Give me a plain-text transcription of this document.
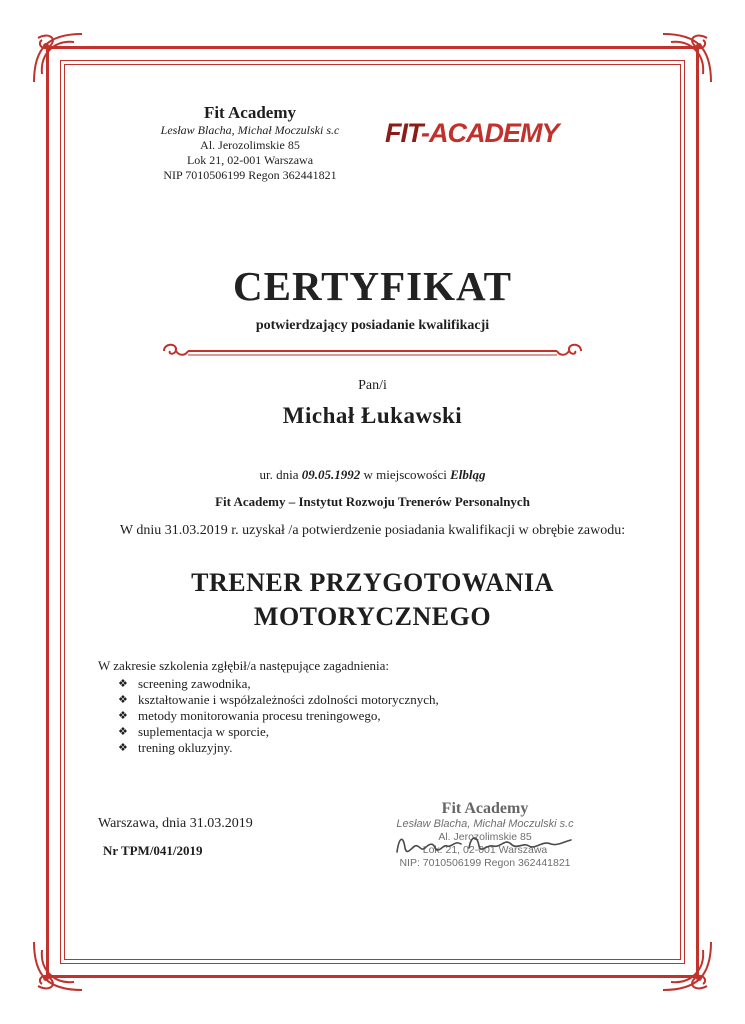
Fit Academy
Lesław Blacha, Michał Moczulski s.c
Al. Jerozolimskie 85
Lok 21, 02-001 Warszawa
NIP 7010506199 Regon 362441821
FIT-ACADEMY
CERTYFIKAT
potwierdzający posiadanie kwalifikacji
Pan/i
Michał Łukawski
ur. dnia 09.05.1992 w miejscowości Elbląg
Fit Academy – Instytut Rozwoju Trenerów Personalnych
W dniu 31.03.2019 r. uzyskał /a potwierdzenie posiadania kwalifikacji w obrębie zawodu:
TRENER PRZYGOTOWANIA
MOTORYCZNEGO
W zakresie szkolenia zgłębił/a następujące zagadnienia:
❖ screening zawodnika,
❖ kształtowanie i współzależności zdolności motorycznych,
❖ metody monitorowania procesu treningowego,
❖ suplementacja w sporcie,
❖ trening okluzyjny.
Warszawa, dnia 31.03.2019
Nr TPM/041/2019
Fit Academy
Lesław Blacha, Michał Moczulski s.c
Al. Jerozolimskie 85
Lok. 21, 02-001 Warszawa
NIP: 7010506199 Regon 362441821
